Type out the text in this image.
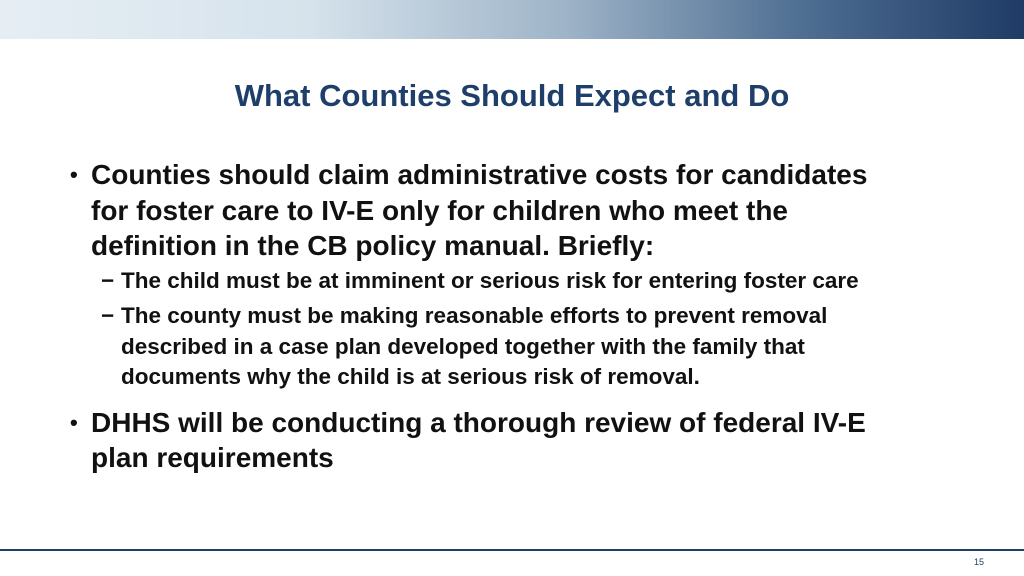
What Counties Should Expect and Do
• Counties should claim administrative costs for candidates for foster care to IV-E only for children who meet the definition in the CB policy manual. Briefly:
− The child must be at imminent or serious risk for entering foster care
− The county must be making reasonable efforts to prevent removal described in a case plan developed together with the family that documents why the child is at serious risk of removal.
• DHHS will be conducting a thorough review of federal IV-E plan requirements
15
